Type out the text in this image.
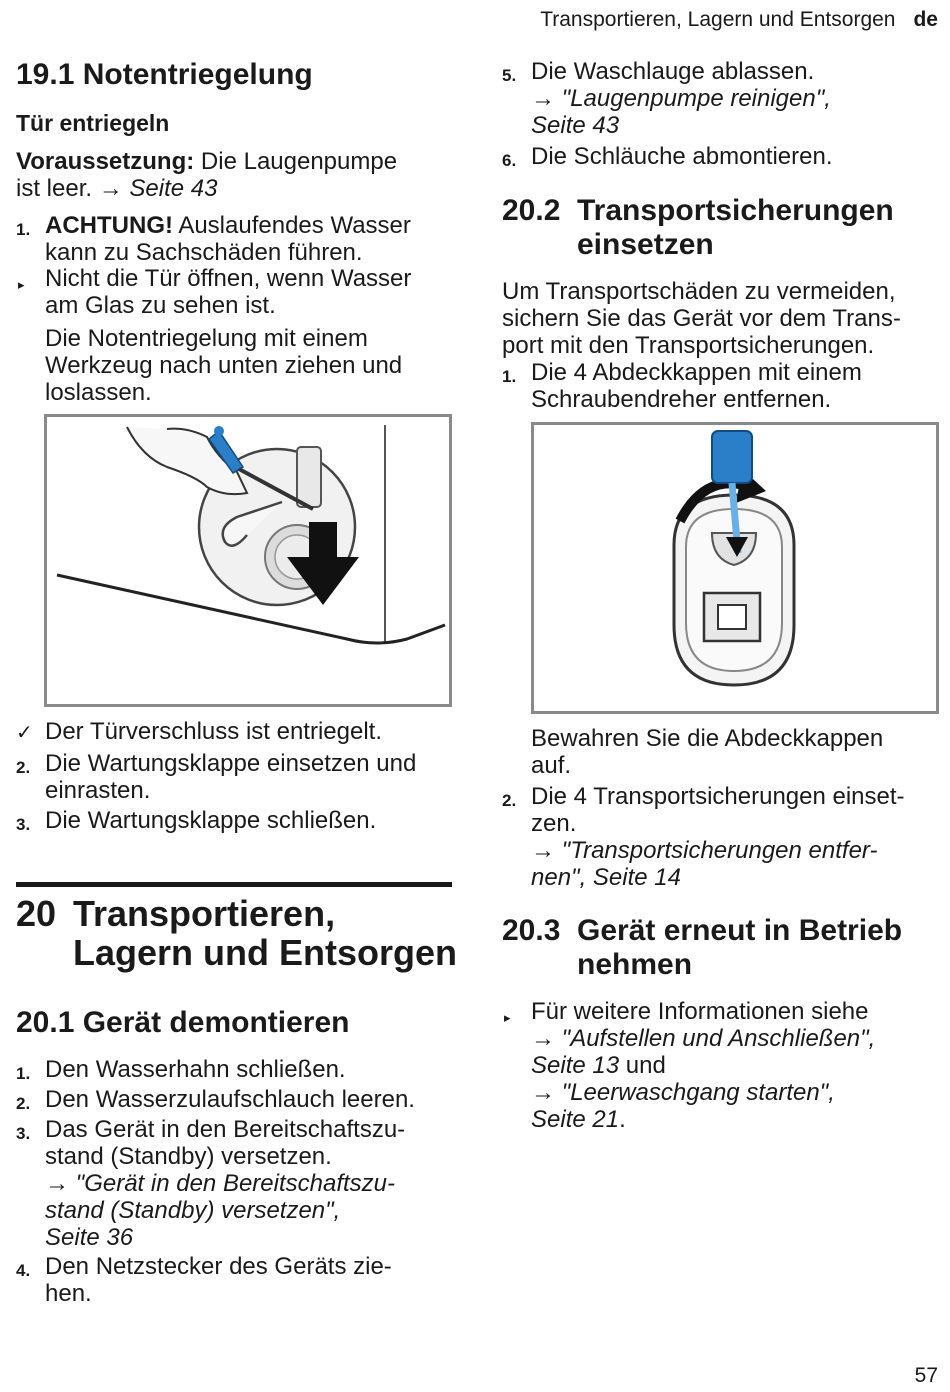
Transportieren, Lagern und Entsorgen de
19.1 Notentriegelung
Tür entriegeln
Voraussetzung: Die Laugenpumpe
ist leer. → Seite 43
1. ACHTUNG! Auslaufendes Wasser
kann zu Sachschäden führen.
▸ Nicht die Tür öffnen, wenn Wasser
am Glas zu sehen ist.
Die Notentriegelung mit einem
Werkzeug nach unten ziehen und
loslassen.
✓ Der Türverschluss ist entriegelt.
2. Die Wartungsklappe einsetzen und
einrasten.
3. Die Wartungsklappe schließen.
20 Transportieren,
Lagern und Entsorgen
20.1 Gerät demontieren
1. Den Wasserhahn schließen.
2. Den Wasserzulaufschlauch leeren.
3. Das Gerät in den Bereitschaftszu-
stand (Standby) versetzen.
→ "Gerät in den Bereitschaftszu-
stand (Standby) versetzen",
Seite 36
4. Den Netzstecker des Geräts zie-
hen.
5. Die Waschlauge ablassen.
→ "Laugenpumpe reinigen",
Seite 43
6. Die Schläuche abmontieren.
20.2 Transportsicherungen
einsetzen
Um Transportschäden zu vermeiden,
sichern Sie das Gerät vor dem Trans-
port mit den Transportsicherungen.
1. Die 4 Abdeckkappen mit einem
Schraubendreher entfernen.
Bewahren Sie die Abdeckkappen
auf.
2. Die 4 Transportsicherungen einset-
zen.
→ "Transportsicherungen entfer-
nen", Seite 14
20.3 Gerät erneut in Betrieb
nehmen
▸ Für weitere Informationen siehe
→ "Aufstellen und Anschließen",
Seite 13 und
→ "Leerwaschgang starten",
Seite 21.
57
